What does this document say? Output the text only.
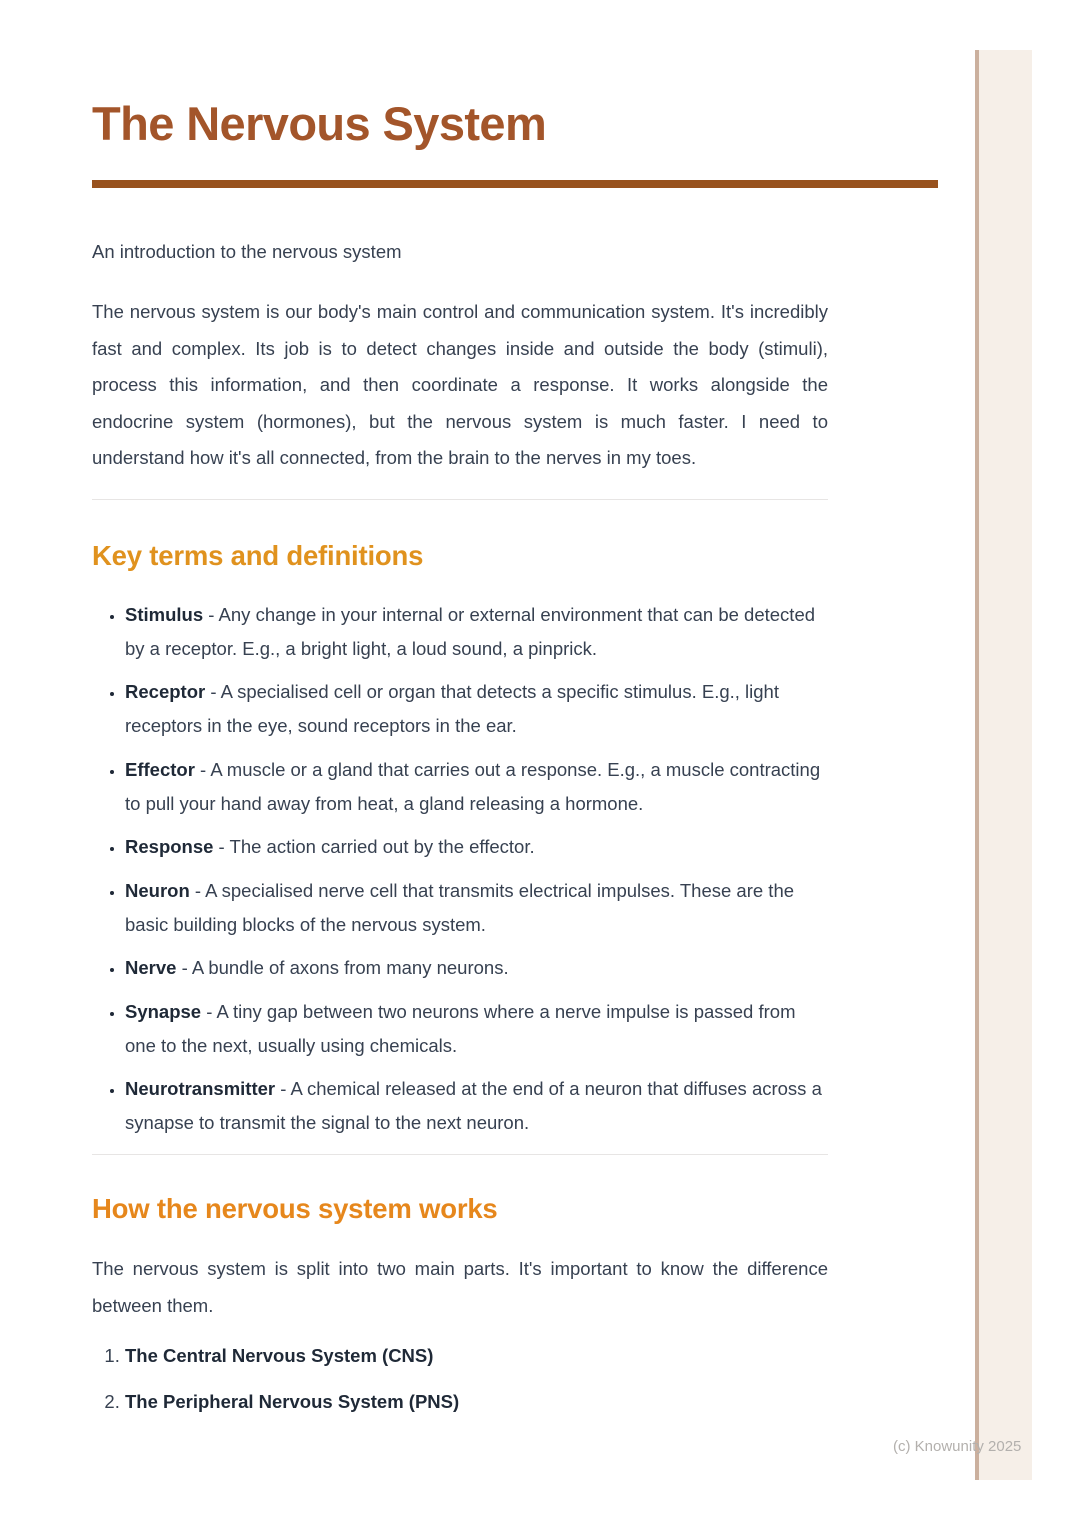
The Nervous System

An introduction to the nervous system

The nervous system is our body's main control and communication system. It's incredibly fast and complex. Its job is to detect changes inside and outside the body (stimuli), process this information, and then coordinate a response. It works alongside the endocrine system (hormones), but the nervous system is much faster. I need to understand how it's all connected, from the brain to the nerves in my toes.

Key terms and definitions
• Stimulus - Any change in your internal or external environment that can be detected by a receptor. E.g., a bright light, a loud sound, a pinprick.
• Receptor - A specialised cell or organ that detects a specific stimulus. E.g., light receptors in the eye, sound receptors in the ear.
• Effector - A muscle or a gland that carries out a response. E.g., a muscle contracting to pull your hand away from heat, a gland releasing a hormone.
• Response - The action carried out by the effector.
• Neuron - A specialised nerve cell that transmits electrical impulses. These are the basic building blocks of the nervous system.
• Nerve - A bundle of axons from many neurons.
• Synapse - A tiny gap between two neurons where a nerve impulse is passed from one to the next, usually using chemicals.
• Neurotransmitter - A chemical released at the end of a neuron that diffuses across a synapse to transmit the signal to the next neuron.
How the nervous system works

The nervous system is split into two main parts. It's important to know the difference between them.

1. The Central Nervous System (CNS)
2. The Peripheral Nervous System (PNS)
(c) Knowunity 2025
